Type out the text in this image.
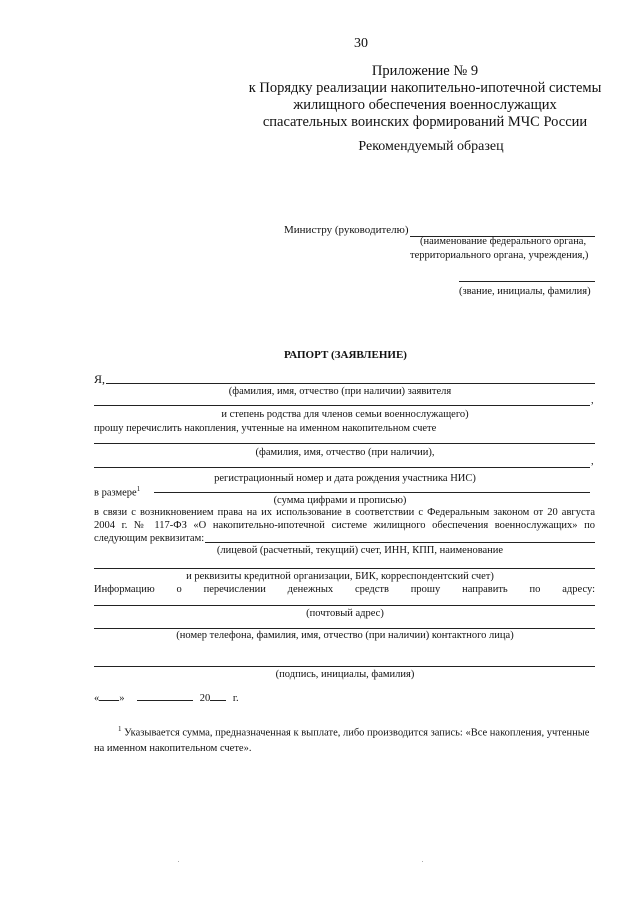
30
Приложение № 9
к Порядку реализации накопительно-ипотечной системы
жилищного обеспечения военнослужащих
спасательных воинских формирований МЧС России
Рекомендуемый образец
Министру (руководителю)
(наименование федерального органа,
территориального органа, учреждения,)
(звание, инициалы, фамилия)
РАПОРТ (ЗАЯВЛЕНИЕ)
Я,
(фамилия, имя, отчество (при наличии) заявителя
,
и степень родства для членов семьи военнослужащего)
прошу перечислить накопления, учтенные на именном накопительном счете
(фамилия, имя, отчество (при наличии),
,
регистрационный номер и дата рождения участника НИС)
в размере$^1$
(сумма цифрами и прописью)
в связи с возникновением права на их использование в соответствии с Федеральным законом от 20 августа
2004 г. № 117-ФЗ «О накопительно-ипотечной системе жилищного обеспечения военнослужащих» по
следующим реквизитам:
(лицевой (расчетный, текущий) счет, ИНН, КПП, наименование
и реквизиты кредитной организации, БИК, корреспондентский счет)
Информацию о перечислении денежных средств прошу направить по адресу:
(почтовый адрес)
(номер телефона, фамилия, имя, отчество (при наличии) контактного лица)
(подпись, инициалы, фамилия)
« »	20 г.
$^1$ Указывается сумма, предназначенная к выплате, либо производится запись: «Все накопления, учтенные на именном накопительном счете».
